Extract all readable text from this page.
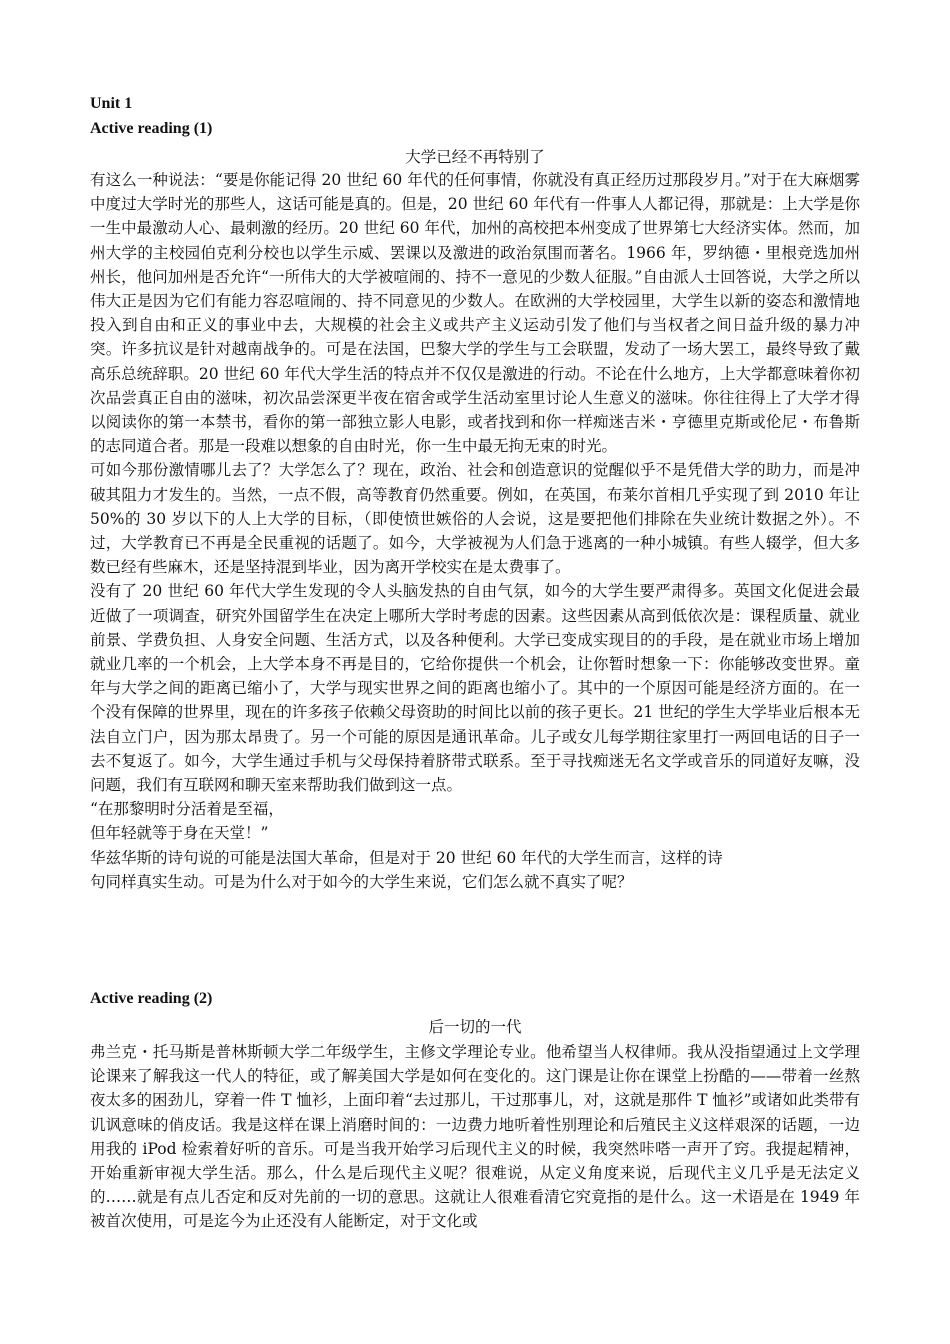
Unit 1
Active reading (1)
大学已经不再特别了

有这么一种说法：“要是你能记得 20 世纪 60 年代的任何事情，你就没有真正经历过那段岁月。”对于在大麻烟雾中度过大学时光的那些人，这话可能是真的。但是，20 世纪 60 年代有一件事人人都记得，那就是：上大学是你一生中最激动人心、最刺激的经历。20 世纪 60 年代，加州的高校把本州变成了世界第七大经济实体。然而，加州大学的主校园伯克利分校也以学生示威、罢课以及激进的政治氛围而著名。1966 年，罗纳德・里根竞选加州州长，他问加州是否允许“一所伟大的大学被喧闹的、持不一意见的少数人征服。”自由派人士回答说，大学之所以伟大正是因为它们有能力容忍喧闹的、持不同意见的少数人。在欧洲的大学校园里，大学生以新的姿态和激情地投入到自由和正义的事业中去，大规模的社会主义或共产主义运动引发了他们与当权者之间日益升级的暴力冲突。许多抗议是针对越南战争的。可是在法国，巴黎大学的学生与工会联盟，发动了一场大罢工，最终导致了戴高乐总统辞职。20 世纪 60 年代大学生活的特点并不仅仅是激进的行动。不论在什么地方，上大学都意味着你初次品尝真正自由的滋味，初次品尝深更半夜在宿舍或学生活动室里讨论人生意义的滋味。你往往得上了大学才得以阅读你的第一本禁书，看你的第一部独立影人电影，或者找到和你一样痴迷吉米・亨德里克斯或伦尼・布鲁斯的志同道合者。那是一段难以想象的自由时光，你一生中最无拘无束的时光。

可如今那份激情哪儿去了？大学怎么了？现在，政治、社会和创造意识的觉醒似乎不是凭借大学的助力，而是冲破其阻力才发生的。当然，一点不假，高等教育仍然重要。例如，在英国，布莱尔首相几乎实现了到 2010 年让 50%的 30 岁以下的人上大学的目标，（即使愤世嫉俗的人会说，这是要把他们排除在失业统计数据之外）。不过，大学教育已不再是全民重视的话题了。如今，大学被视为人们急于逃离的一种小城镇。有些人辍学，但大多数已经有些麻木，还是坚持混到毕业，因为离开学校实在是太费事了。

没有了 20 世纪 60 年代大学生发现的令人头脑发热的自由气氛，如今的大学生要严肃得多。英国文化促进会最近做了一项调查，研究外国留学生在决定上哪所大学时考虑的因素。这些因素从高到低依次是：课程质量、就业前景、学费负担、人身安全问题、生活方式，以及各种便利。大学已变成实现目的的手段，是在就业市场上增加就业几率的一个机会，上大学本身不再是目的，它给你提供一个机会，让你暂时想象一下：你能够改变世界。童年与大学之间的距离已缩小了，大学与现实世界之间的距离也缩小了。其中的一个原因可能是经济方面的。在一个没有保障的世界里，现在的许多孩子依赖父母资助的时间比以前的孩子更长。21 世纪的学生大学毕业后根本无法自立门户，因为那太昂贵了。另一个可能的原因是通讯革命。儿子或女儿每学期往家里打一两回电话的日子一去不复返了。如今，大学生通过手机与父母保持着脐带式联系。至于寻找痴迷无名文学或音乐的同道好友嘛，没问题，我们有互联网和聊天室来帮助我们做到这一点。

“在那黎明时分活着是至福，

但年轻就等于身在天堂！”

华兹华斯的诗句说的可能是法国大革命，但是对于 20 世纪 60 年代的大学生而言，这样的诗

句同样真实生动。可是为什么对于如今的大学生来说，它们怎么就不真实了呢？

Active reading (2)
后一切的一代

弗兰克・托马斯是普林斯顿大学二年级学生，主修文学理论专业。他希望当人权律师。我从没指望通过上文学理论课来了解我这一代人的特征，或了解美国大学是如何在变化的。这门课是让你在课堂上扮酷的——带着一丝熬夜太多的困劲儿，穿着一件 T 恤衫，上面印着“去过那儿，干过那事儿，对，这就是那件 T 恤衫”或诸如此类带有讥讽意味的俏皮话。我是这样在课上消磨时间的：一边费力地听着性别理论和后殖民主义这样艰深的话题，一边用我的 iPod 检索着好听的音乐。可是当我开始学习后现代主义的时候，我突然咔嗒一声开了窍。我提起精神，开始重新审视大学生活。那么，什么是后现代主义呢？很难说，从定义角度来说，后现代主义几乎是无法定义的……就是有点儿否定和反对先前的一切的意思。这就让人很难看清它究竟指的是什么。这一术语是在 1949 年被首次使用，可是迄今为止还没有人能断定，对于文化或
